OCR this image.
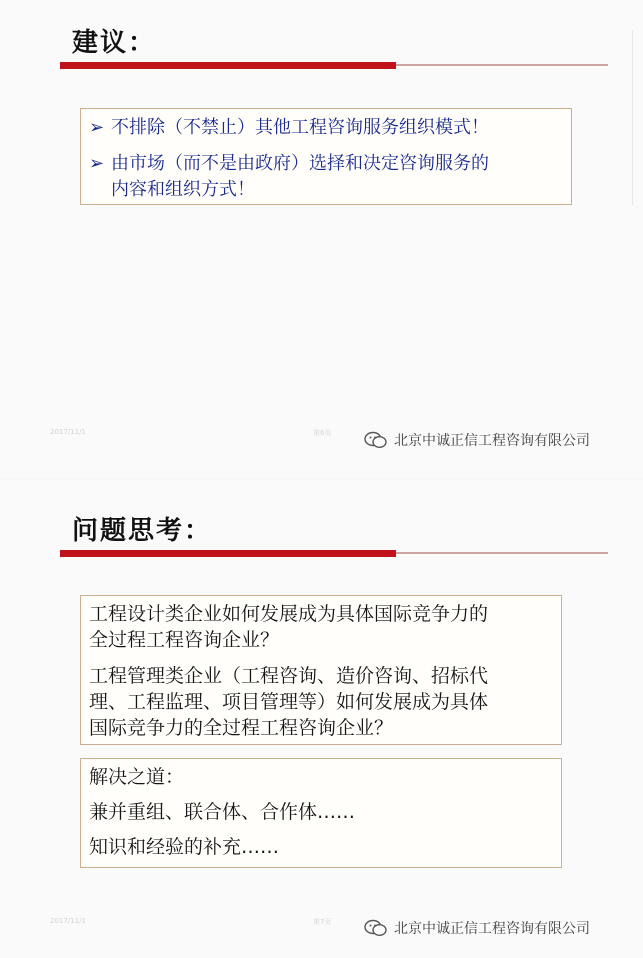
建议：
➢ 不排除（不禁止）其他工程咨询服务组织模式！
➢ 由市场（而不是由政府）选择和决定咨询服务的
内容和组织方式！
2017/11/1	第6页	北京中诚正信工程咨询有限公司
问题思考：
工程设计类企业如何发展成为具体国际竞争力的
全过程工程咨询企业？
工程管理类企业（工程咨询、造价咨询、招标代
理、工程监理、项目管理等）如何发展成为具体
国际竞争力的全过程工程咨询企业？
解决之道：
兼并重组、联合体、合作体……
知识和经验的补充……
2017/11/1	第7页	北京中诚正信工程咨询有限公司
